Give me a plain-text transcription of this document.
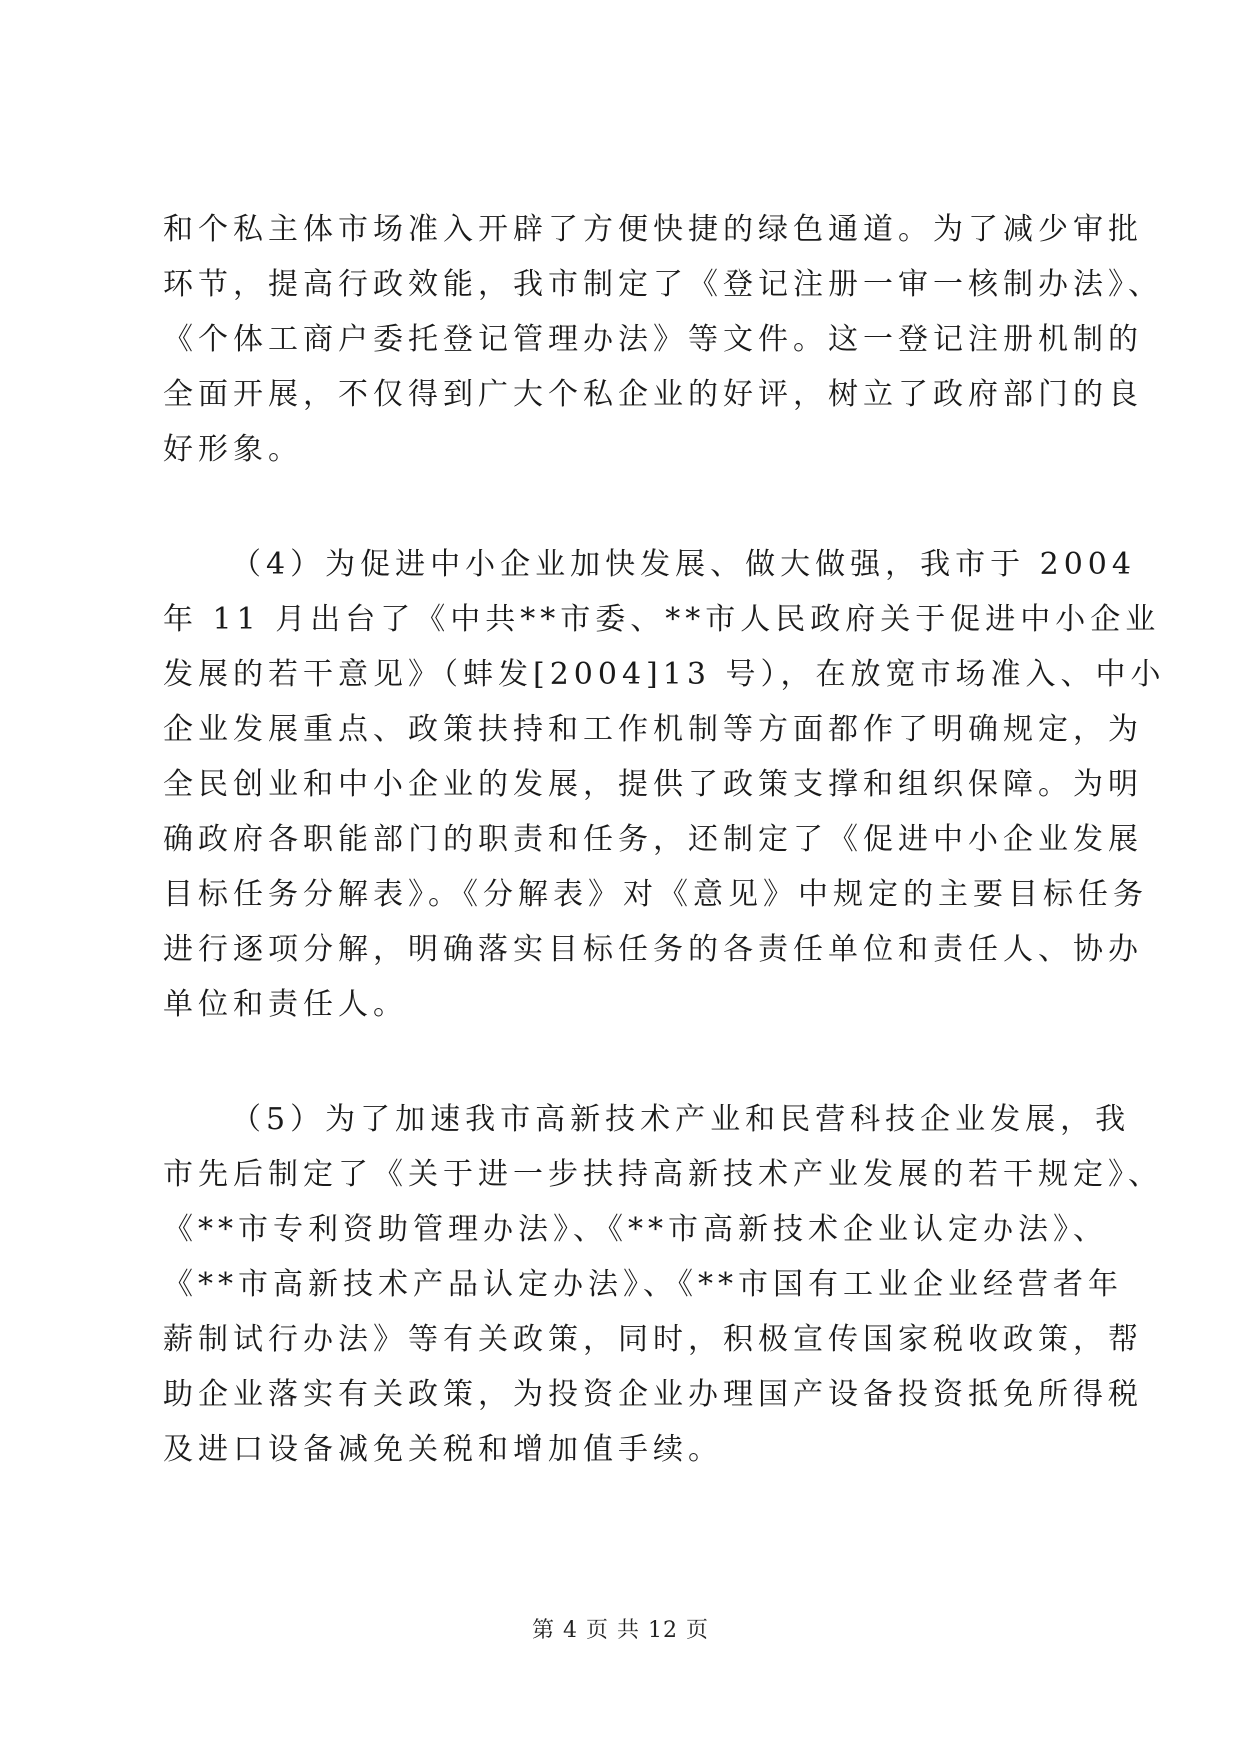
和个私主体市场准入开辟了方便快捷的绿色通道。为了减少审批
环节，提高行政效能，我市制定了《登记注册一审一核制办法》、
《个体工商户委托登记管理办法》等文件。这一登记注册机制的
全面开展，不仅得到广大个私企业的好评，树立了政府部门的良
好形象。
（4）为促进中小企业加快发展、做大做强，我市于 2004
年 11 月出台了《中共**市委、**市人民政府关于促进中小企业
发展的若干意见》（蚌发[2004]13 号），在放宽市场准入、中小
企业发展重点、政策扶持和工作机制等方面都作了明确规定，为
全民创业和中小企业的发展，提供了政策支撑和组织保障。为明
确政府各职能部门的职责和任务，还制定了《促进中小企业发展
目标任务分解表》。《分解表》对《意见》中规定的主要目标任务
进行逐项分解，明确落实目标任务的各责任单位和责任人、协办
单位和责任人。
（5）为了加速我市高新技术产业和民营科技企业发展，我
市先后制定了《关于进一步扶持高新技术产业发展的若干规定》、
《**市专利资助管理办法》、《**市高新技术企业认定办法》、
《**市高新技术产品认定办法》、《**市国有工业企业经营者年
薪制试行办法》等有关政策，同时，积极宣传国家税收政策，帮
助企业落实有关政策，为投资企业办理国产设备投资抵免所得税
及进口设备减免关税和增加值手续。
第 4 页 共 12 页
